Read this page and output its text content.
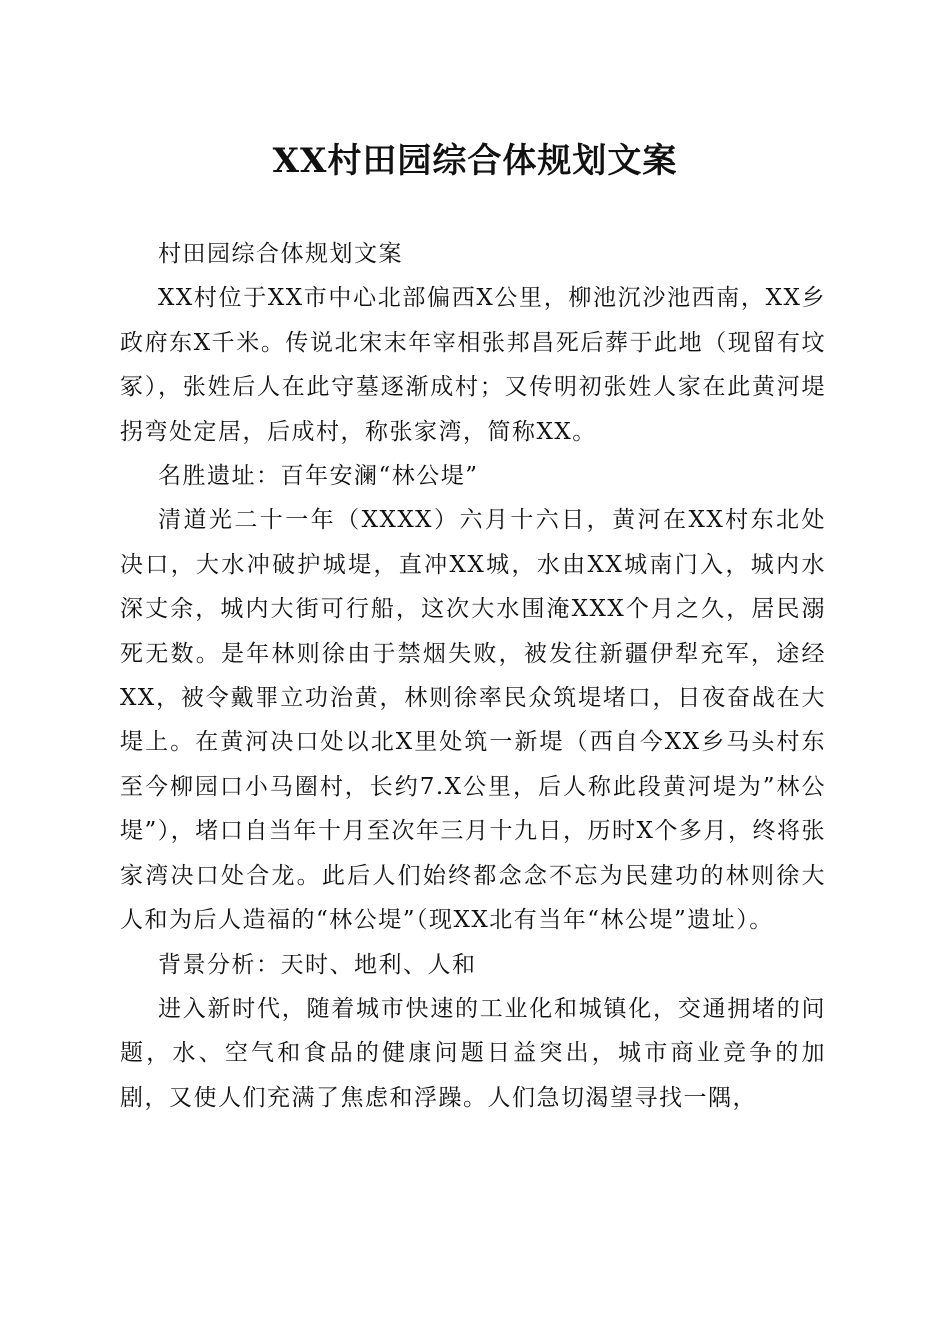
XX村田园综合体规划文案

村田园综合体规划文案

XX村位于XX市中心北部偏西X公里，柳池沉沙池西南，XX乡政府东X千米。传说北宋末年宰相张邦昌死后葬于此地（现留有坟冢），张姓后人在此守墓逐渐成村；又传明初张姓人家在此黄河堤拐弯处定居，后成村，称张家湾，简称XX。

名胜遗址：百年安澜“林公堤”

清道光二十一年（XXXX）六月十六日，黄河在XX村东北处决口，大水冲破护城堤，直冲XX城，水由XX城南门入，城内水深丈余，城内大街可行船，这次大水围淹XXX个月之久，居民溺死无数。是年林则徐由于禁烟失败，被发往新疆伊犁充军，途经XX，被令戴罪立功治黄，林则徐率民众筑堤堵口，日夜奋战在大堤上。在黄河决口处以北X里处筑一新堤（西自今XX乡马头村东至今柳园口小马圈村，长约7.X公里，后人称此段黄河堤为”林公堤”），堵口自当年十月至次年三月十九日，历时X个多月，终将张家湾决口处合龙。此后人们始终都念念不忘为民建功的林则徐大人和为后人造福的“林公堤”（现XX北有当年“林公堤”遗址）。

背景分析：天时、地利、人和

进入新时代，随着城市快速的工业化和城镇化，交通拥堵的问题，水、空气和食品的健康问题日益突出，城市商业竞争的加剧，又使人们充满了焦虑和浮躁。人们急切渴望寻找一隅，
